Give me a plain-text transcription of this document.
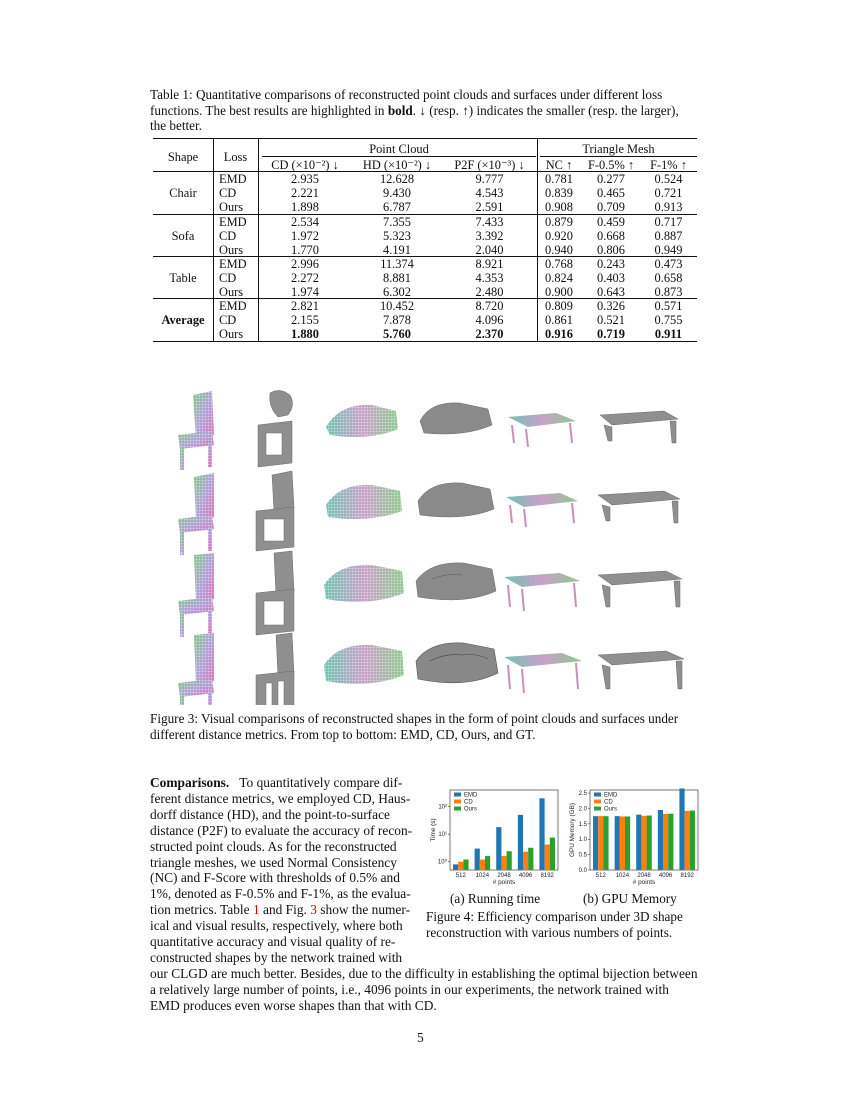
Table 1: Quantitative comparisons of reconstructed point clouds and surfaces under different loss
functions. The best results are highlighted in bold. ↓ (resp. ↑) indicates the smaller (resp. the larger),
the better.
Shape	Loss
Point Cloud	Triangle Mesh
CD (×10⁻²) ↓	HD (×10⁻²) ↓	P2F (×10⁻³) ↓	NC ↑	F-0.5% ↑	F-1% ↑
Chair
EMD	2.935	12.628	9.777	0.781	0.277	0.524
CD	2.221	9.430	4.543	0.839	0.465	0.721
Ours	1.898	6.787	2.591	0.908	0.709	0.913
Sofa
EMD	2.534	7.355	7.433	0.879	0.459	0.717
CD	1.972	5.323	3.392	0.920	0.668	0.887
Ours	1.770	4.191	2.040	0.940	0.806	0.949
Table
EMD	2.996	11.374	8.921	0.768	0.243	0.473
CD	2.272	8.881	4.353	0.824	0.403	0.658
Ours	1.974	6.302	2.480	0.900	0.643	0.873
Average
EMD	2.821	10.452	8.720	0.809	0.326	0.571
CD	2.155	7.878	4.096	0.861	0.521	0.755
Ours	1.880	5.760	2.370	0.916	0.719	0.911
Figure 3: Visual comparisons of reconstructed shapes in the form of point clouds and surfaces under
different distance metrics. From top to bottom: EMD, CD, Ours, and GT.
Comparisons. To quantitatively compare dif-
ferent distance metrics, we employed CD, Haus-
dorff distance (HD), and the point-to-surface
distance (P2F) to evaluate the accuracy of recon-
structed point clouds. As for the reconstructed
triangle meshes, we used Normal Consistency
(NC) and F-Score with thresholds of 0.5% and
1%, denoted as F-0.5% and F-1%, as the evalua-
tion metrics. Table 1 and Fig. 3 show the numer-
ical and visual results, respectively, where both
quantitative accuracy and visual quality of re-
constructed shapes by the network trained with
our CLGD are much better. Besides, due to the difficulty in establishing the optimal bijection between
a relatively large number of points, i.e., 4096 points in our experiments, the network trained with
EMD produces even worse shapes than that with CD.
10⁰
10¹
10²
512 1024 2048 4096 8192
# points
Time (s)
EMD
CD
Ours
0.0
0.5
1.0
1.5
2.0
2.5
512 1024 2048 4096 8192
# points
GPU Memory (GB)
EMD
CD
Ours
(a) Running time	(b) GPU Memory
Figure 4: Efficiency comparison under 3D shape
reconstruction with various numbers of points.
5
